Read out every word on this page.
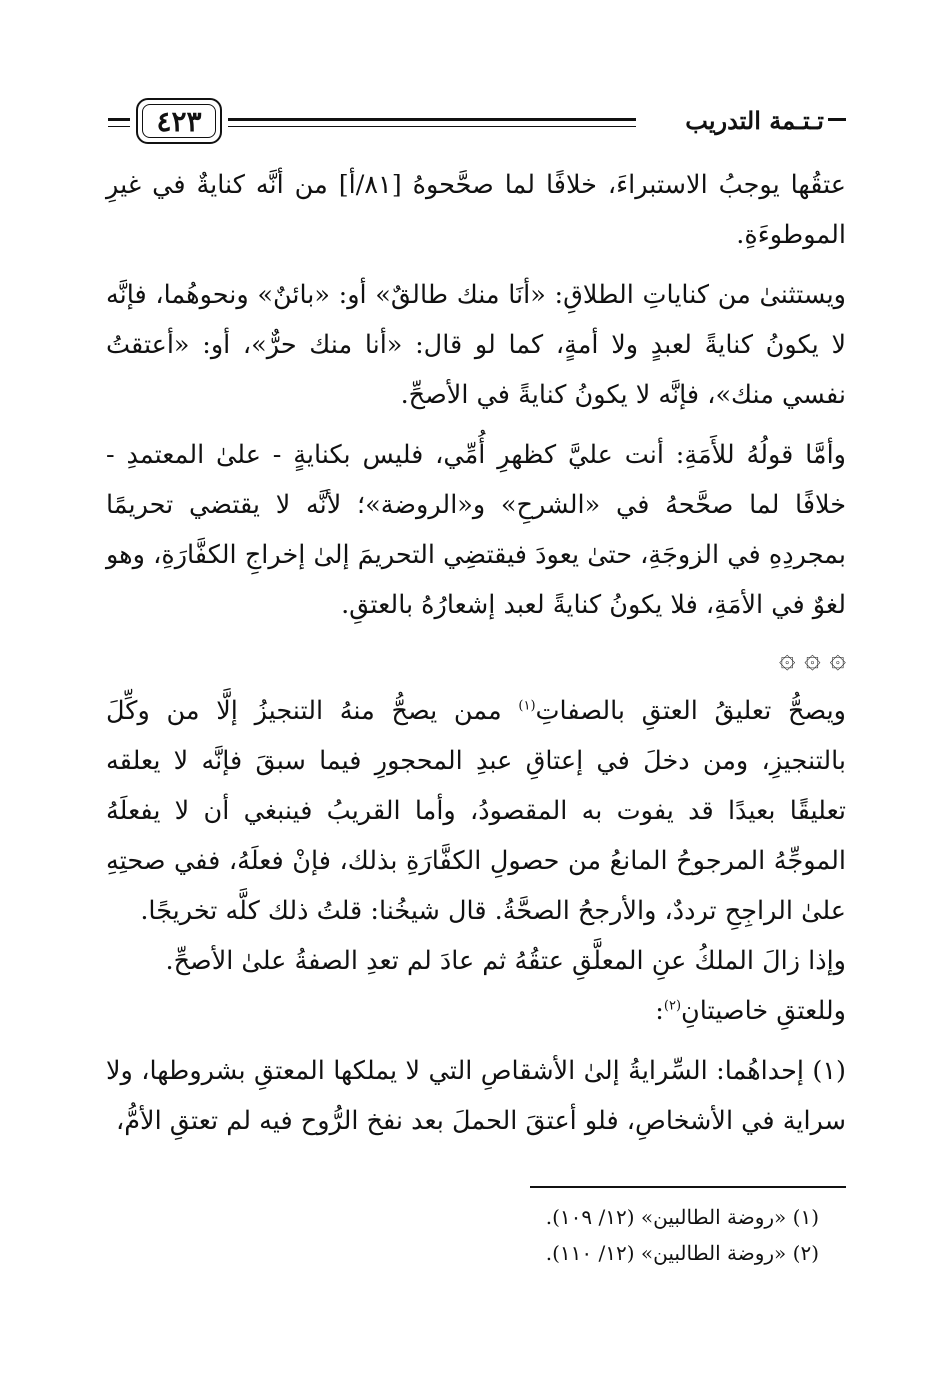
٤٢٣	تـتـمة التدريب

عتقُها يوجبُ الاستبراءَ، خلافًا لما صحَّحوهُ [٨١/أ] من أنَّه كنايةٌ في غيرِ الموطوءَةِ.

ويستثنىٰ من كناياتِ الطلاقِ: «أنَا منك طالقٌ» أو: «بائنٌ» ونحوهُما، فإنَّه لا يكونُ كنايةً لعبدٍ ولا أمةٍ، كما لو قال: «أنا منك حرٌّ»، أو: «أعتقتُ نفسي منك»، فإنَّه لا يكونُ كنايةً في الأصحِّ.

وأمَّا قولُهُ للأَمَةِ: أنت عليَّ كظهرِ أُمِّي، فليس بكنايةٍ - علىٰ المعتمدِ - خلافًا لما صحَّحهُ في «الشرحِ» و«الروضة»؛ لأنَّه لا يقتضي تحريمًا بمجردِهِ في الزوجَةِ، حتىٰ يعودَ فيقتضِي التحريمَ إلىٰ إخراجِ الكفَّارَةِ، وهو لغوٌ في الأمَةِ، فلا يكونُ كنايةً لعبد إشعارُهُ بالعتقِ.

۞ ۞ ۞

ويصحُّ تعليقُ العتقِ بالصفاتِ$^{(١)}$ ممن يصحُّ منهُ التنجيزُ إلَّا من وكِّلَ بالتنجيزِ، ومن دخلَ في إعتاقِ عبدِ المحجورِ فيما سبقَ فإنَّه لا يعلقه تعليقًا بعيدًا قد يفوت به المقصودُ، وأما القريبُ فينبغي أن لا يفعلَهُ الموجِّهُ المرجوحُ المانعُ من حصولِ الكفَّارَةِ بذلك، فإنْ فعلَهُ، ففي صحتِهِ علىٰ الراجِحِ ترددٌ، والأرجحُ الصحَّةُ. قال شيخُنا: قلتُ ذلك كلَّه تخريجًا.

وإذا زالَ الملكُ عنِ المعلَّقِ عتقُهُ ثم عادَ لم تعدِ الصفةُ علىٰ الأصحِّ.

وللعتقِ خاصيتانِ$^{(٢)}$:

(١) إحداهُما: السِّرايةُ إلىٰ الأشقاصِ التي لا يملكها المعتقِ بشروطها، ولا سراية في الأشخاصِ، فلو أعتقَ الحملَ بعد نفخ الرُّوح فيه لم تعتقِ الأمُّ،

(١) «روضة الطالبين» (١٢/ ١٠٩).

(٢) «روضة الطالبين» (١٢/ ١١٠).
